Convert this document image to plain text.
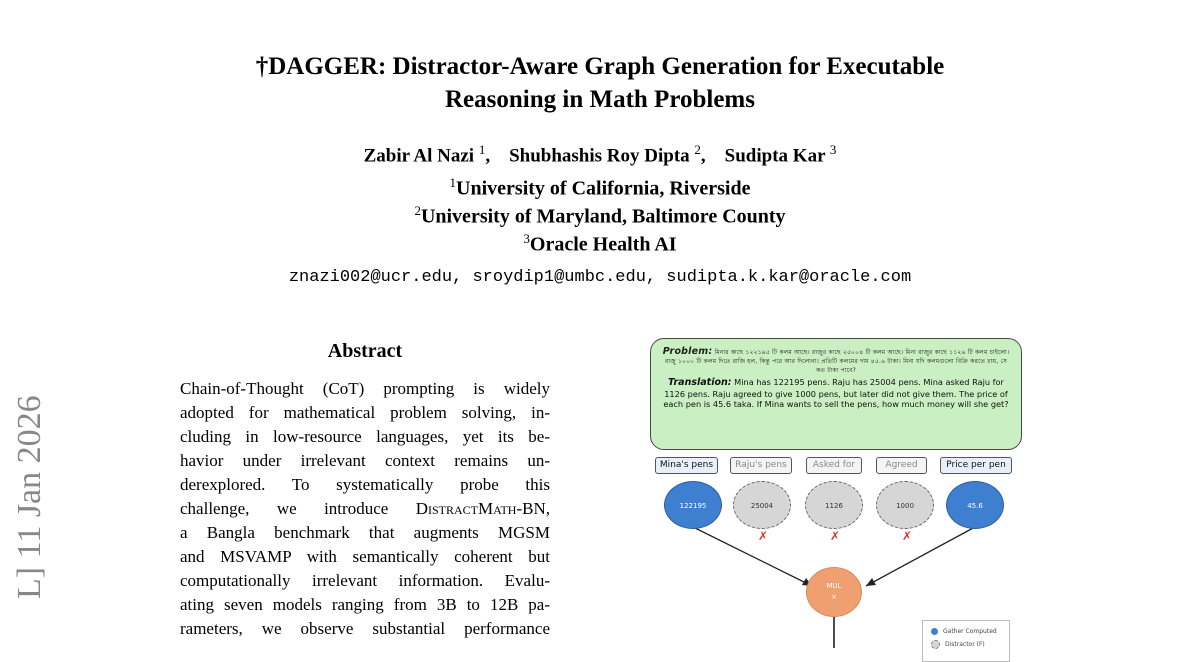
†DAGGER: Distractor-Aware Graph Generation for Executable
Reasoning in Math Problems
Zabir Al Nazi $^1$,    Shubhashis Roy Dipta $^2$,    Sudipta Kar $^3$
$^1$University of California, Riverside
$^2$University of Maryland, Baltimore County
$^3$Oracle Health AI
znazi002@ucr.edu, sroydip1@umbc.edu, sudipta.k.kar@oracle.com
L] 11 Jan 2026
Abstract
Chain-of-Thought (CoT) prompting is widely
adopted for mathematical problem solving, in-
cluding in low-resource languages, yet its be-
havior under irrelevant context remains un-
derexplored. To systematically probe this
challenge, we introduce DistractMath-BN,
a Bangla benchmark that augments MGSM
and MSVAMP with semantically coherent but
computationally irrelevant information. Evalu-
ating seven models ranging from 3B to 12B pa-
rameters, we observe substantial performance
Problem: মিনার কাছে ১২২১৯৫ টি কলম আছে। রাজুর কাছে ২৫০০৪ টি কলম আছে। মিনা রাজুর কাছে ১১২৬ টি কলম চাইলো। রাজু ১০০০ টি কলম দিতে রাজি হল, কিন্তু পরে আর দিলোনা। প্রতিটি কলমের দাম ৪৫.৬ টাকা। মিনা যদি কলমগুলো বিক্রি করতে চায়, সে কত টাকা পাবে?
Translation: Mina has 122195 pens. Raju has 25004 pens. Mina asked Raju for 1126 pens. Raju agreed to give 1000 pens, but later did not give them. The price of each pen is 45.6 taka. If Mina wants to sell the pens, how much money will she get?
Mina's pens	Raju's pens	Asked for	Agreed	Price per pen
122195	25004	1126	1000	45.6
✗	✗	✗
MUL
×
Gather Computed
Distractor (F)
